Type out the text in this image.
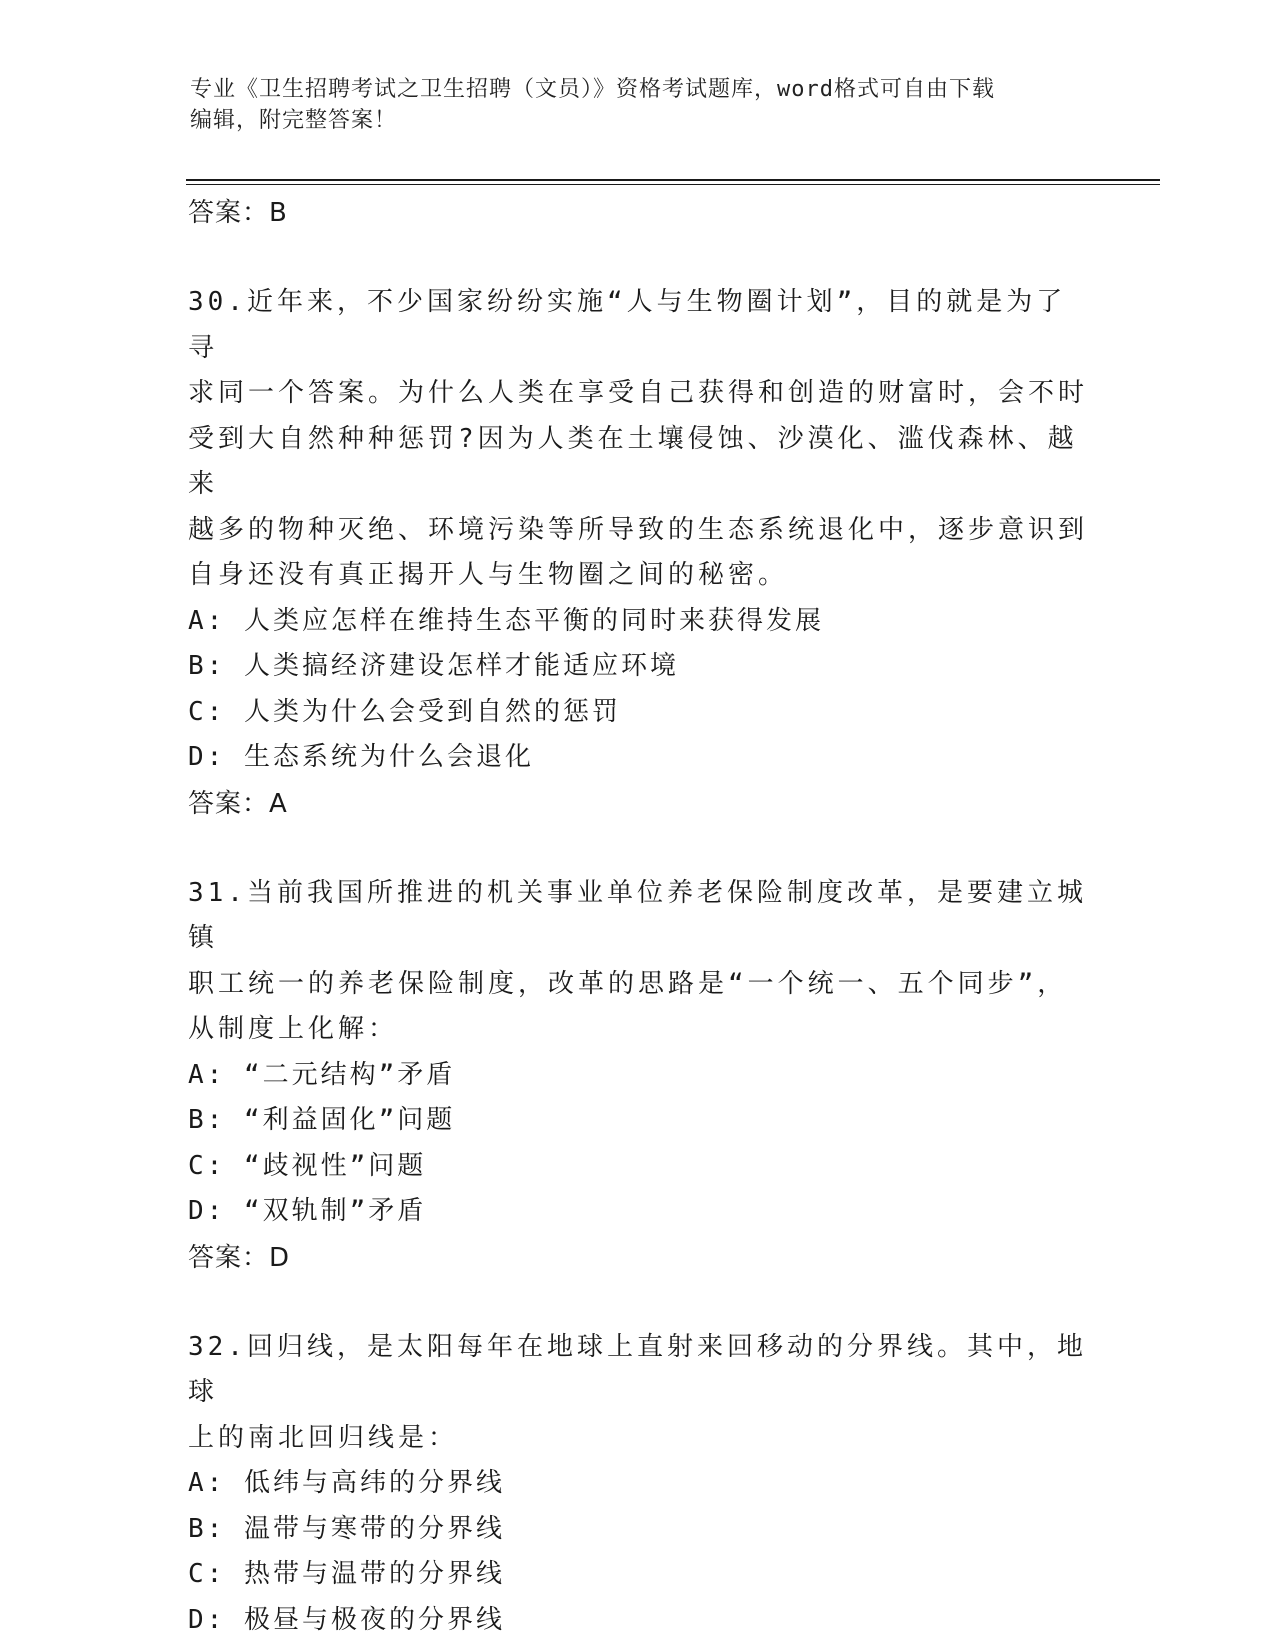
专业《卫生招聘考试之卫生招聘（文员）》资格考试题库，word格式可自由下载
编辑，附完整答案！

答案：B

30.近年来，不少国家纷纷实施“人与生物圈计划”，目的就是为了寻

求同一个答案。为什么人类在享受自己获得和创造的财富时，会不时

受到大自然种种惩罚?因为人类在土壤侵蚀、沙漠化、滥伐森林、越来

越多的物种灭绝、环境污染等所导致的生态系统退化中，逐步意识到

自身还没有真正揭开人与生物圈之间的秘密。

A: 人类应怎样在维持生态平衡的同时来获得发展

B: 人类搞经济建设怎样才能适应环境

C: 人类为什么会受到自然的惩罚

D: 生态系统为什么会退化

答案：A

31.当前我国所推进的机关事业单位养老保险制度改革，是要建立城镇

职工统一的养老保险制度，改革的思路是“一个统一、五个同步”，

从制度上化解：

A: “二元结构”矛盾

B: “利益固化”问题

C: “歧视性”问题

D: “双轨制”矛盾

答案：D

32.回归线，是太阳每年在地球上直射来回移动的分界线。其中，地球

上的南北回归线是：

A: 低纬与高纬的分界线

B: 温带与寒带的分界线

C: 热带与温带的分界线

D: 极昼与极夜的分界线
